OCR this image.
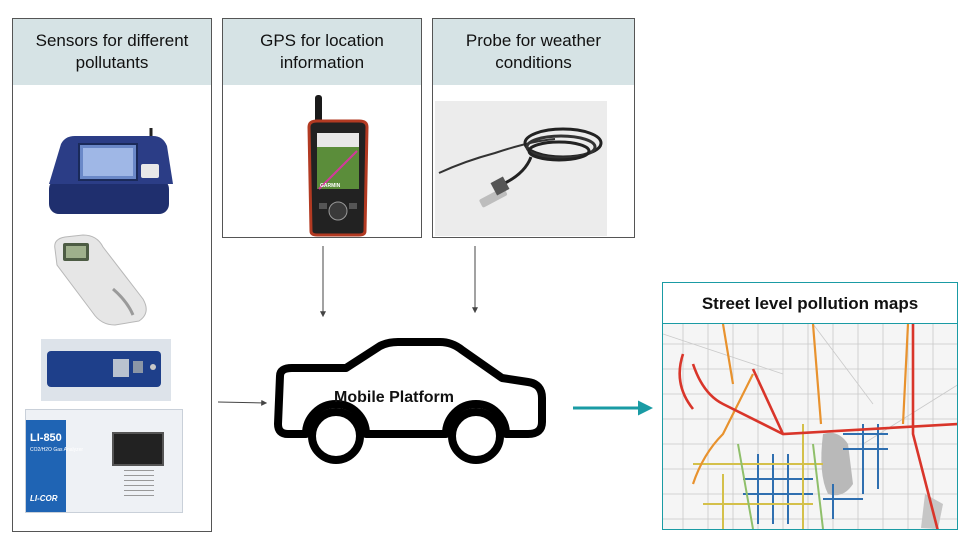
Sensors for different pollutants
LI-850
CO2/H2O Gas Analyzer
LI-COR
GPS for location information
GARMIN
Probe for weather conditions
Mobile Platform
Street level pollution maps
